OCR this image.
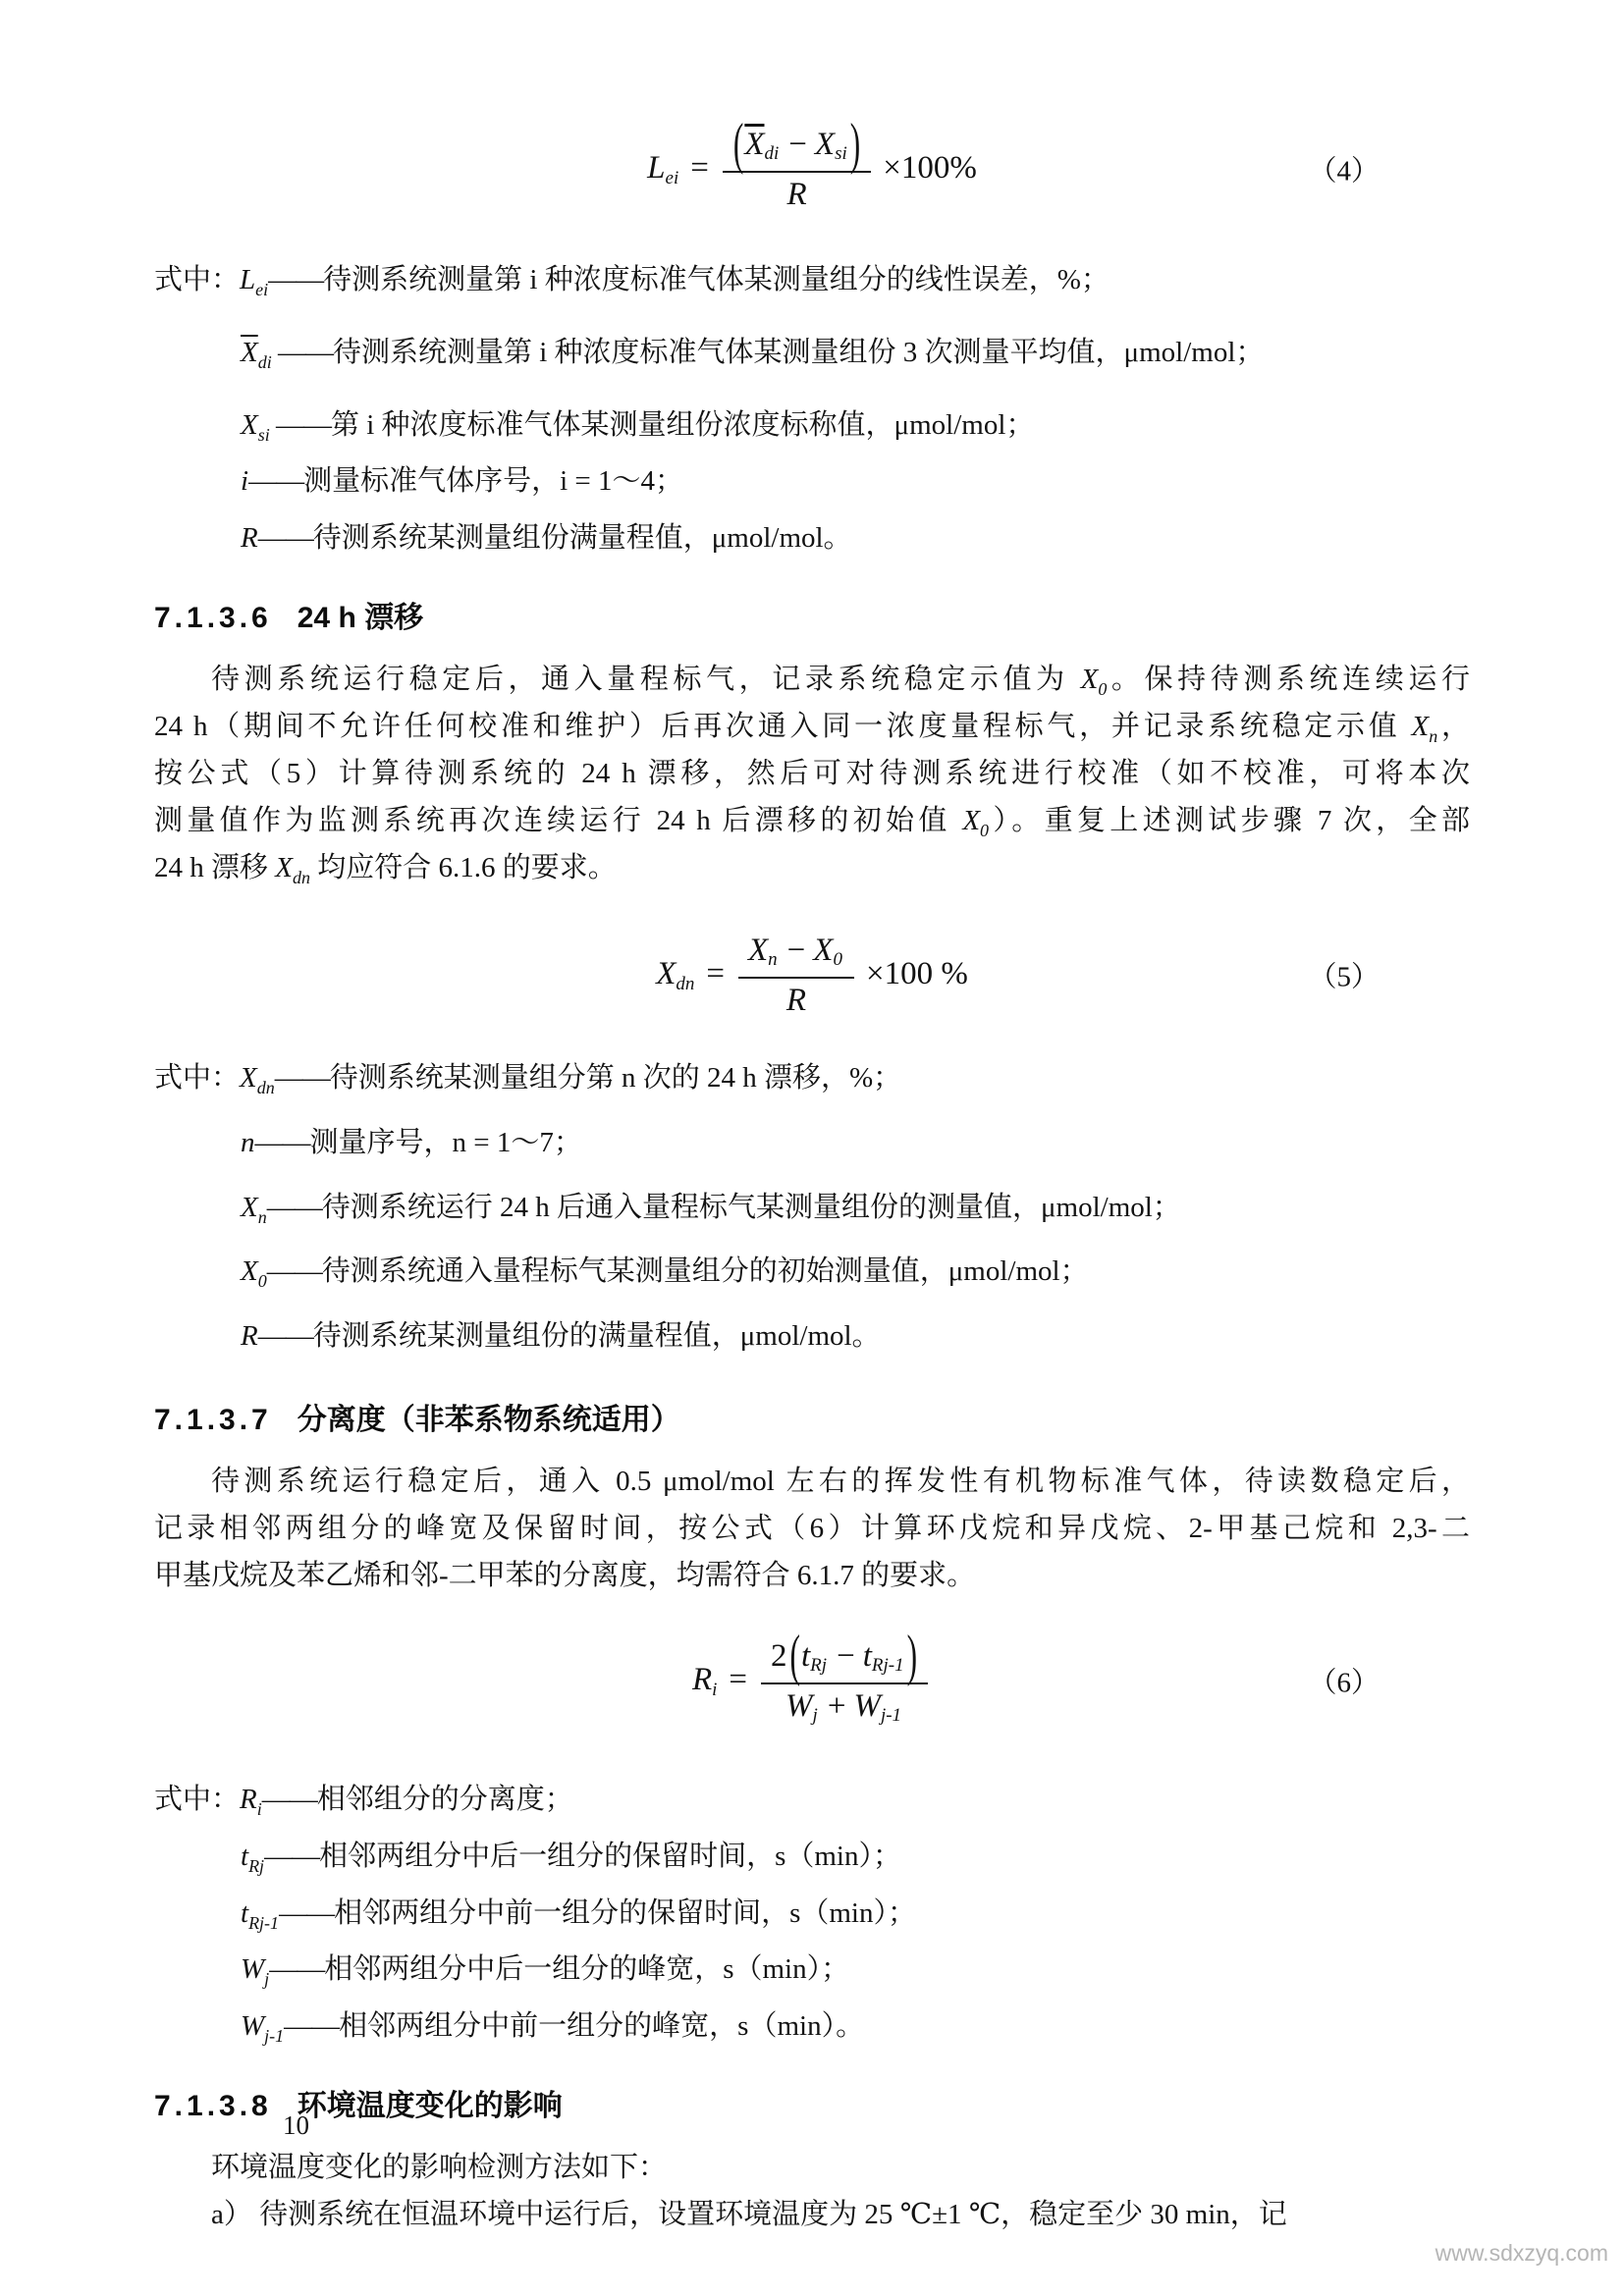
$L_{ei} = \frac{( \overline{X}_{di} - X_{si} )}{R} \times 100\%$	（4）
式中： $L_{ei}$ —— 待测系统测量第 i 种浓度标准气体某测量组分的线性误差，%；
$\overline{X}_{di}$ —— 待测系统测量第 i 种浓度标准气体某测量组份 3 次测量平均值，μmol/mol；
$X_{si}$ —— 第 i 种浓度标准气体某测量组份浓度标称值，μmol/mol；
i —— 测量标准气体序号，i = 1～4；
R —— 待测系统某测量组份满量程值，μmol/mol。
7.1.3.6 24 h 漂移
待测系统运行稳定后，通入量程标气，记录系统稳定示值为 $X_0$。保持待测系统连续运行
24 h（期间不允许任何校准和维护）后再次通入同一浓度量程标气，并记录系统稳定示值 $X_n$，
按公式（5）计算待测系统的 24 h 漂移，然后可对待测系统进行校准（如不校准，可将本次
测量值作为监测系统再次连续运行 24 h 后漂移的初始值 $X_0$）。重复上述测试步骤 7 次，全部
24 h 漂移 $X_{dn}$ 均应符合 6.1.6 的要求。
$X_{dn} = \frac{X_n - X_0}{R} \times 100$ %	（5）
式中： $X_{dn}$ —— 待测系统某测量组分第 n 次的 24 h 漂移，%；
n —— 测量序号，n = 1～7；
$X_n$ —— 待测系统运行 24 h 后通入量程标气某测量组份的测量值，μmol/mol；
$X_0$ —— 待测系统通入量程标气某测量组分的初始测量值，μmol/mol；
R —— 待测系统某测量组份的满量程值，μmol/mol。
7.1.3.7 分离度（非苯系物系统适用）
待测系统运行稳定后，通入 0.5 μmol/mol 左右的挥发性有机物标准气体，待读数稳定后，
记录相邻两组分的峰宽及保留时间，按公式（6）计算环戊烷和异戊烷、2-甲基己烷和 2,3-二
甲基戊烷及苯乙烯和邻-二甲苯的分离度，均需符合 6.1.7 的要求。
$R_i = \frac{2 ( t_{Rj} - t_{Rj-1} )}{W_j + W_{j-1}}$	（6）
式中： $R_i$ —— 相邻组分的分离度；
$t_{Rj}$ —— 相邻两组分中后一组分的保留时间，s（min）；
$t_{Rj-1}$ —— 相邻两组分中前一组分的保留时间，s（min）；
$W_j$ —— 相邻两组分中后一组分的峰宽，s（min）；
$W_{j-1}$ —— 相邻两组分中前一组分的峰宽，s（min）。
7.1.3.8 环境温度变化的影响
环境温度变化的影响检测方法如下：
a） 待测系统在恒温环境中运行后，设置环境温度为 25 ℃±1 ℃，稳定至少 30 min，记
10
www.sdxzyq.com
